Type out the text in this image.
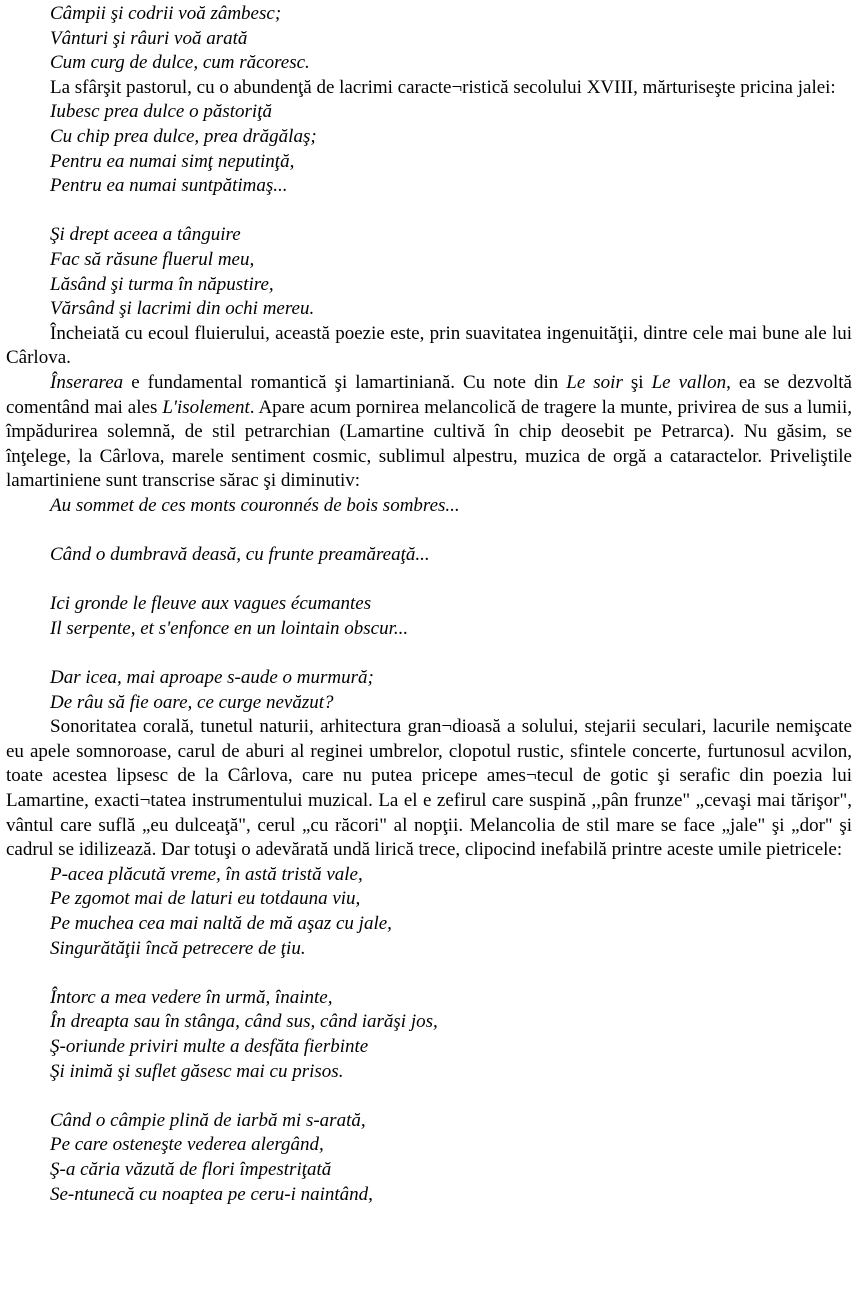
Câmpii şi codrii voă zâmbesc;
Vânturi şi râuri voă arată
Cum curg de dulce, cum răcoresc.
La sfârşit pastorul, cu o abundenţă de lacrimi caracte¬ristică secolului XVIII, mărturiseşte pricina jalei:
Iubesc prea dulce o păstoriţă
Cu chip prea dulce, prea drăgălaş;
Pentru ea numai simţ neputinţă,
Pentru ea numai suntpătimaş...
Şi drept aceea a tânguire
Fac să răsune fluerul meu,
Lăsând şi turma în năpustire,
Vărsând şi lacrimi din ochi mereu.
Încheiată cu ecoul fluierului, această poezie este, prin suavitatea ingenuităţii, dintre cele mai bune ale lui Cârlova.
Înserarea e fundamental romantică şi lamartiniană. Cu note din Le soir şi Le vallon, ea se dezvoltă comentând mai ales L'isolement. Apare acum pornirea melancolică de tragere la munte, privirea de sus a lumii, împădurirea solemnă, de stil petrarchian (Lamartine cultivă în chip deosebit pe Petrarca). Nu găsim, se înţelege, la Cârlova, marele sentiment cosmic, sublimul alpestru, muzica de orgă a cataractelor. Priveliştile lamartiniene sunt transcrise sărac şi diminutiv:
Au sommet de ces monts couronnés de bois sombres...
Când o dumbravă deasă, cu frunte preamăreaţă...
Ici gronde le fleuve aux vagues écumantes
Il serpente, et s'enfonce en un lointain obscur...
Dar icea, mai aproape s-aude o murmură;
De râu să fie oare, ce curge nevăzut?
Sonoritatea corală, tunetul naturii, arhitectura gran¬dioasă a solului, stejarii seculari, lacurile nemişcate eu apele somnoroase, carul de aburi al reginei umbrelor, clopotul rustic, sfintele concerte, furtunosul acvilon, toate acestea lipsesc de la Cârlova, care nu putea pricepe ames¬tecul de gotic şi serafic din poezia lui Lamartine, exacti¬tatea instrumentului muzical. La el e zefirul care suspină ,,pân frunze" „cevaşi mai tărişor", vântul care suflă „eu dulceaţă", cerul „cu răcori" al nopţii. Melancolia de stil mare se face „jale" şi „dor" şi cadrul se idilizează. Dar totuşi o adevărată undă lirică trece, clipocind inefabilă printre aceste umile pietricele:
P-acea plăcută vreme, în astă tristă vale,
Pe zgomot mai de laturi eu totdauna viu,
Pe muchea cea mai naltă de mă aşaz cu jale,
Singurătăţii încă petrecere de ţiu.
Întorc a mea vedere în urmă, înainte,
În dreapta sau în stânga, când sus, când iarăşi jos,
Ş-oriunde priviri multe a desfăta fierbinte
Şi inimă şi suflet găsesc mai cu prisos.
Când o câmpie plină de iarbă mi s-arată,
Pe care osteneşte vederea alergând,
Ş-a căria văzută de flori împestriţată
Se-ntunecă cu noaptea pe ceru-i naintând,
